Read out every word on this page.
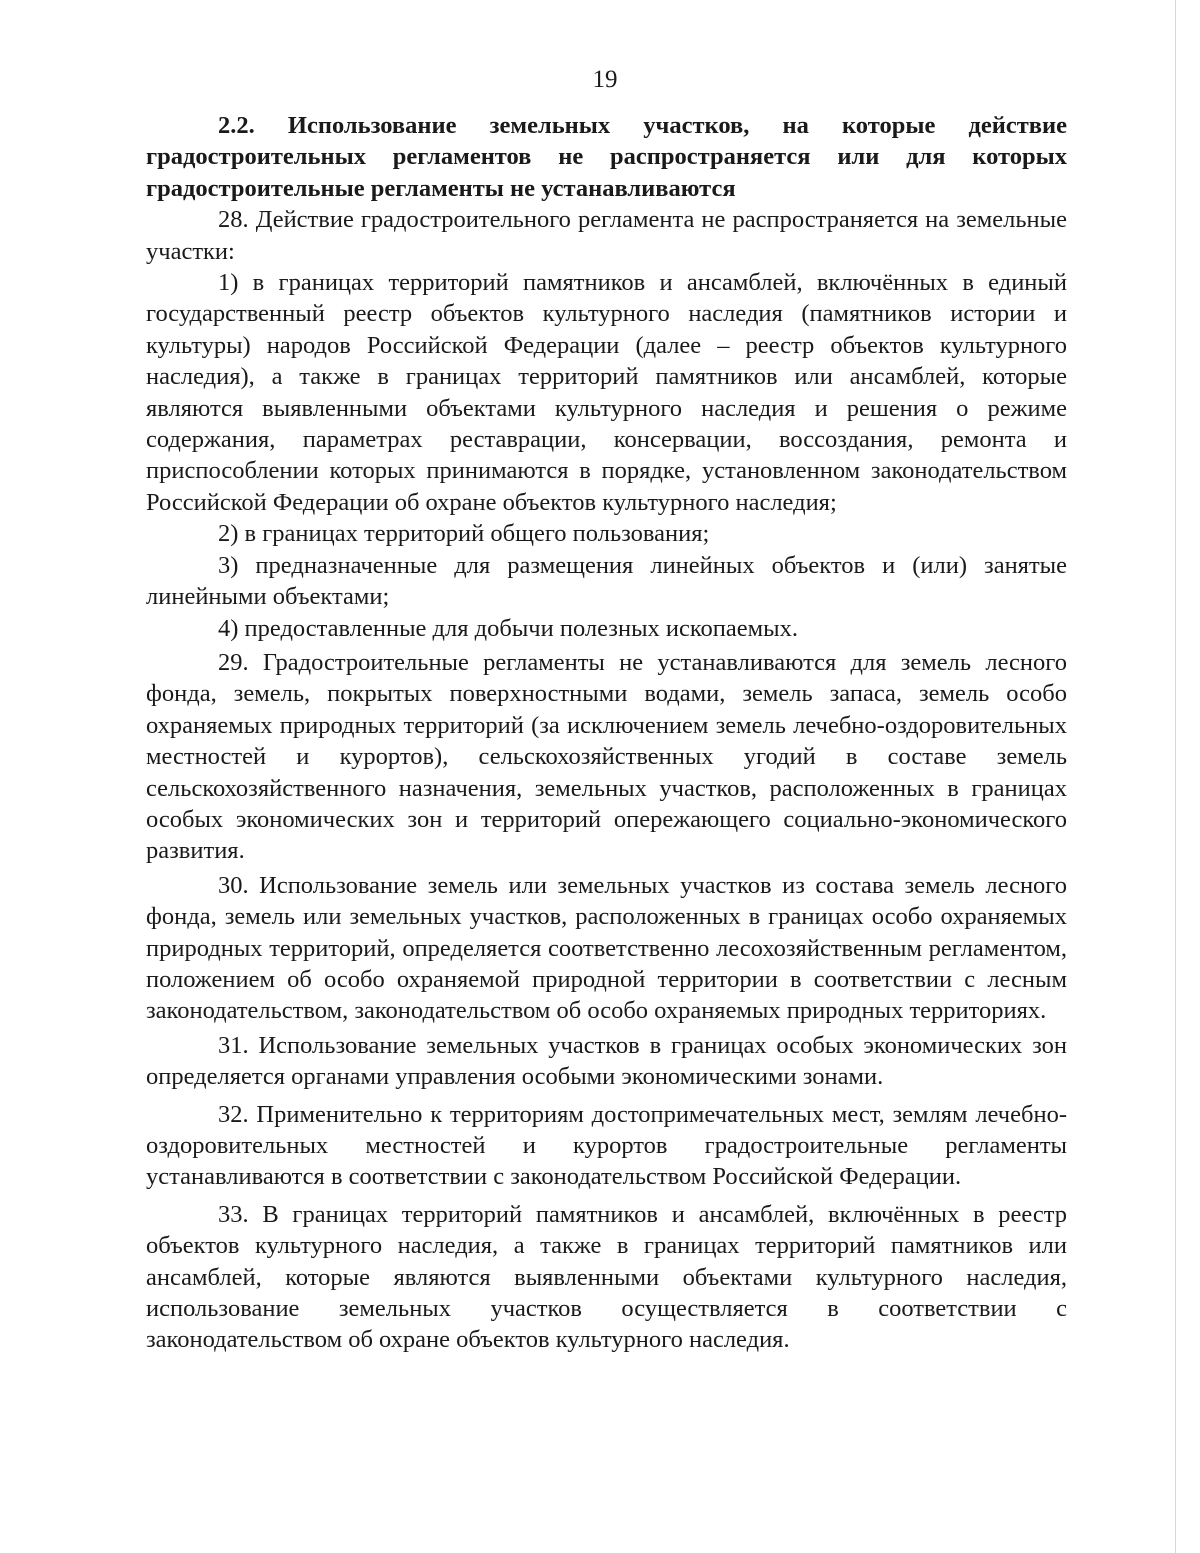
19

2.2. Использование земельных участков, на которые действие градостроительных регламентов не распространяется или для которых градостроительные регламенты не устанавливаются

28. Действие градостроительного регламента не распространяется на земельные участки:

1) в границах территорий памятников и ансамблей, включённых в единый государственный реестр объектов культурного наследия (памятников истории и культуры) народов Российской Федерации (далее – реестр объектов культурного наследия), а также в границах территорий памятников или ансамблей, которые являются выявленными объектами культурного наследия и решения о режиме содержания, параметрах реставрации, консервации, воссоздания, ремонта и приспособлении которых принимаются в порядке, установленном законодательством Российской Федерации об охране объектов культурного наследия;

2) в границах территорий общего пользования;

3) предназначенные для размещения линейных объектов и (или) занятые линейными объектами;

4) предоставленные для добычи полезных ископаемых.

29. Градостроительные регламенты не устанавливаются для земель лесного фонда, земель, покрытых поверхностными водами, земель запаса, земель особо охраняемых природных территорий (за исключением земель лечебно-оздоровительных местностей и курортов), сельскохозяйственных угодий в составе земель сельскохозяйственного назначения, земельных участков, расположенных в границах особых экономических зон и территорий опережающего социально-экономического развития.

30. Использование земель или земельных участков из состава земель лесного фонда, земель или земельных участков, расположенных в границах особо охраняемых природных территорий, определяется соответственно лесохозяйственным регламентом, положением об особо охраняемой природной территории в соответствии с лесным законодательством, законодательством об особо охраняемых природных территориях.

31. Использование земельных участков в границах особых экономических зон определяется органами управления особыми экономическими зонами.

32. Применительно к территориям достопримечательных мест, землям лечебно-оздоровительных местностей и курортов градостроительные регламенты устанавливаются в соответствии с законодательством Российской Федерации.

33. В границах территорий памятников и ансамблей, включённых в реестр объектов культурного наследия, а также в границах территорий памятников или ансамблей, которые являются выявленными объектами культурного наследия, использование земельных участков осуществляется в соответствии с законодательством об охране объектов культурного наследия.
